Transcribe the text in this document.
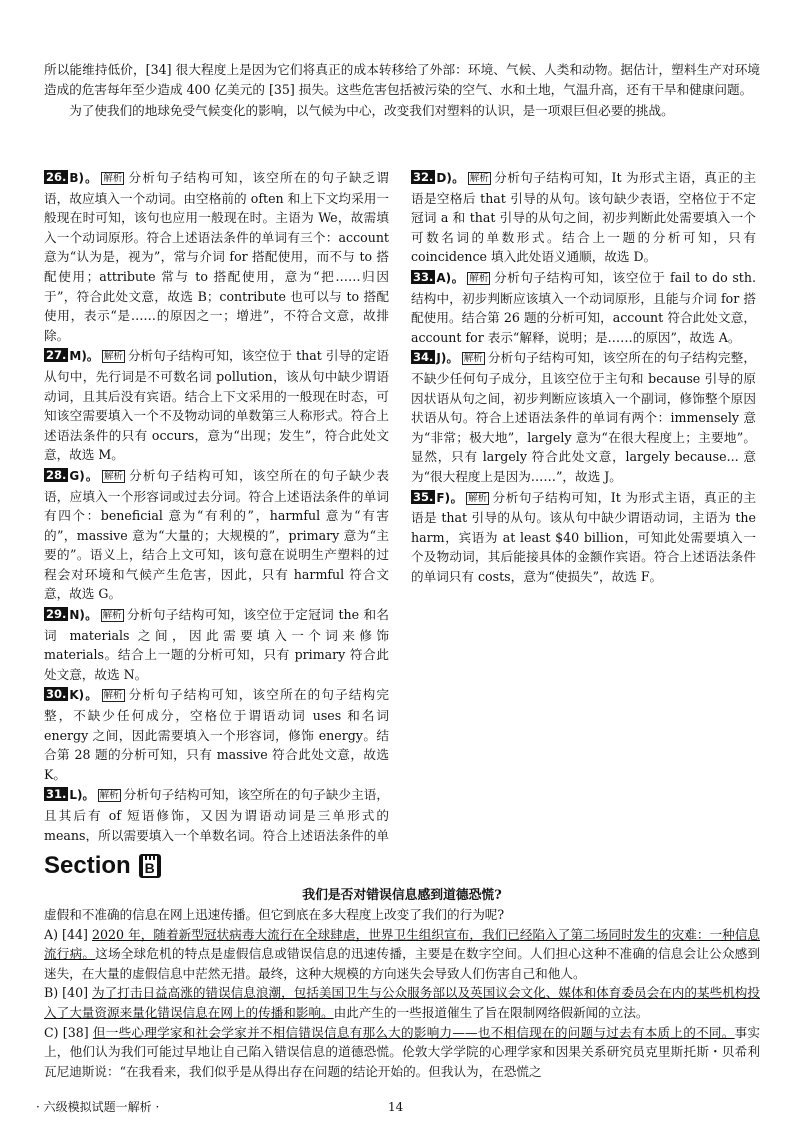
所以能维持低价，[34] 很大程度上是因为它们将真正的成本转移给了外部：环境、气候、人类和动物。据估计，塑料生产对环境造成的危害每年至少造成 400 亿美元的 [35] 损失。这些危害包括被污染的空气、水和土地，气温升高，还有干旱和健康问题。

为了使我们的地球免受气候变化的影响，以气候为中心，改变我们对塑料的认识，是一项艰巨但必要的挑战。

26. B)。 解析 分析句子结构可知，该空所在的句子缺乏谓语，故应填入一个动词。由空格前的 often 和上下文均采用一般现在时可知，该句也应用一般现在时。主语为 We，故需填入一个动词原形。符合上述语法条件的单词有三个：account 意为“认为是，视为”，常与介词 for 搭配使用，而不与 to 搭配使用；attribute 常与 to 搭配使用，意为“把……归因于”，符合此处文意，故选 B；contribute 也可以与 to 搭配使用，表示“是……的原因之一；增进”，不符合文意，故排除。

27. M)。 解析 分析句子结构可知，该空位于 that 引导的定语从句中，先行词是不可数名词 pollution，该从句中缺少谓语动词，且其后没有宾语。结合上下文采用的一般现在时态，可知该空需要填入一个不及物动词的单数第三人称形式。符合上述语法条件的只有 occurs，意为“出现；发生”，符合此处文意，故选 M。

28. G)。 解析 分析句子结构可知，该空所在的句子缺少表语，应填入一个形容词或过去分词。符合上述语法条件的单词有四个：beneficial 意为“有利的”，harmful 意为“有害的”，massive 意为“大量的；大规模的”，primary 意为“主要的”。语义上，结合上文可知，该句意在说明生产塑料的过程会对环境和气候产生危害，因此，只有 harmful 符合文意，故选 G。

29. N)。 解析 分析句子结构可知，该空位于定冠词 the 和名词 materials 之间，因此需要填入一个词来修饰 materials。结合上一题的分析可知，只有 primary 符合此处文意，故选 N。

30. K)。 解析 分析句子结构可知，该空所在的句子结构完整，不缺少任何成分，空格位于谓语动词 uses 和名词 energy 之间，因此需要填入一个形容词，修饰 energy。结合第 28 题的分析可知，只有 massive 符合此处文意，故选 K。

31. L)。 解析 分析句子结构可知，该空所在的句子缺少主语，且其后有 of 短语修饰，又因为谓语动词是三单形式的 means，所以需要填入一个单数名词。符合上述语法条件的单

32. D)。 解析 分析句子结构可知，It 为形式主语，真正的主语是空格后 that 引导的从句。该句缺少表语，空格位于不定冠词 a 和 that 引导的从句之间，初步判断此处需要填入一个可数名词的单数形式。结合上一题的分析可知，只有 coincidence 填入此处语义通顺，故选 D。

33. A)。 解析 分析句子结构可知，该空位于 fail to do sth. 结构中，初步判断应该填入一个动词原形，且能与介词 for 搭配使用。结合第 26 题的分析可知，account 符合此处文意，account for 表示“解释，说明；是……的原因”，故选 A。

34. J)。 解析 分析句子结构可知，该空所在的句子结构完整，不缺少任何句子成分，且该空位于主句和 because 引导的原因状语从句之间，初步判断应该填入一个副词，修饰整个原因状语从句。符合上述语法条件的单词有两个：immensely 意为“非常；极大地”，largely 意为“在很大程度上；主要地”。显然，只有 largely 符合此处文意，largely because... 意为“很大程度上是因为……”，故选 J。

35. F)。 解析 分析句子结构可知，It 为形式主语，真正的主语是 that 引导的从句。该从句中缺少谓语动词，主语为 the harm，宾语为 at least $40 billion，可知此处需要填入一个及物动词，其后能接具体的金额作宾语。符合上述语法条件的单词只有 costs，意为“使损失”，故选 F。

Section B
我们是否对错误信息感到道德恐慌?

虚假和不准确的信息在网上迅速传播。但它到底在多大程度上改变了我们的行为呢?

A) [44] 2020 年，随着新型冠状病毒大流行在全球肆虐，世界卫生组织宣布，我们已经陷入了第二场同时发生的灾难：一种信息流行病。这场全球危机的特点是虚假信息或错误信息的迅速传播，主要是在数字空间。人们担心这种不准确的信息会让公众感到迷失，在大量的虚假信息中茫然无措。最终，这种大规模的方向迷失会导致人们伤害自己和他人。

B) [40] 为了打击日益高涨的错误信息浪潮，包括美国卫生与公众服务部以及英国议会文化、媒体和体育委员会在内的某些机构投入了大量资源来量化错误信息在网上的传播和影响。由此产生的一些报道催生了旨在限制网络假新闻的立法。

C) [38] 但一些心理学家和社会学家并不相信错误信息有那么大的影响力——也不相信现在的问题与过去有本质上的不同。事实上，他们认为我们可能过早地让自己陷入错误信息的道德恐慌。伦敦大学学院的心理学家和因果关系研究员克里斯托斯・贝希利瓦尼迪斯说：“在我看来，我们似乎是从得出存在问题的结论开始的。但我认为，在恐慌之

· 六级模拟试题一解析 ·	14
